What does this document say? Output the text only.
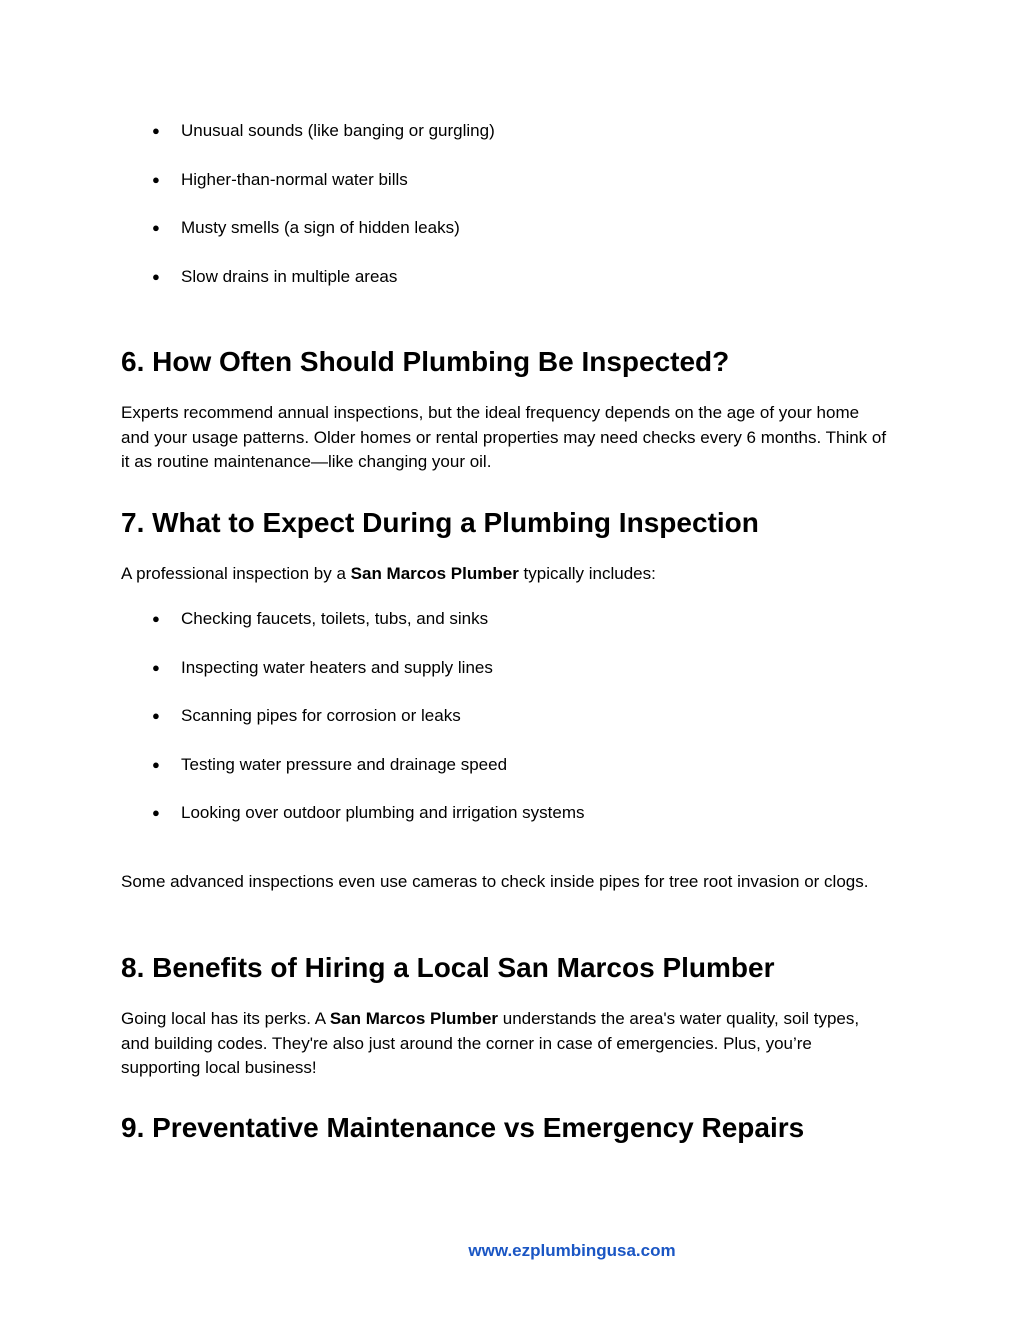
● Unusual sounds (like banging or gurgling)
● Higher-than-normal water bills
● Musty smells (a sign of hidden leaks)
● Slow drains in multiple areas
6. How Often Should Plumbing Be Inspected?

Experts recommend annual inspections, but the ideal frequency depends on the age of your home and your usage patterns. Older homes or rental properties may need checks every 6 months. Think of it as routine maintenance—like changing your oil.

7. What to Expect During a Plumbing Inspection

A professional inspection by a San Marcos Plumber typically includes:

● Checking faucets, toilets, tubs, and sinks
● Inspecting water heaters and supply lines
● Scanning pipes for corrosion or leaks
● Testing water pressure and drainage speed
● Looking over outdoor plumbing and irrigation systems

Some advanced inspections even use cameras to check inside pipes for tree root invasion or clogs.

8. Benefits of Hiring a Local San Marcos Plumber

Going local has its perks. A San Marcos Plumber understands the area's water quality, soil types, and building codes. They're also just around the corner in case of emergencies. Plus, you’re supporting local business!

9. Preventative Maintenance vs Emergency Repairs
www.ezplumbingusa.com
